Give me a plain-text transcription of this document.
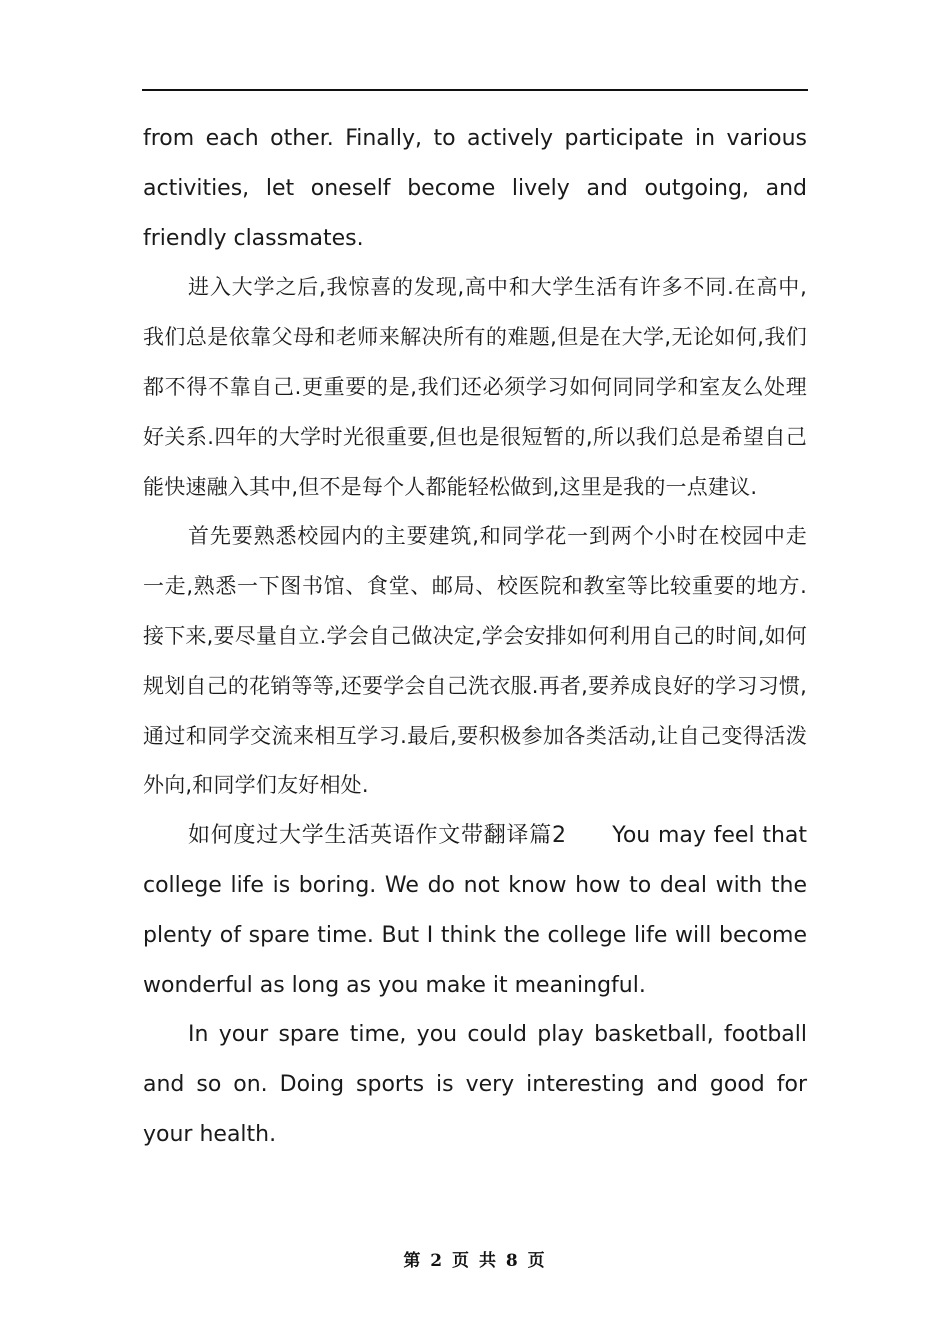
from each other. Finally, to actively participate in various activities, let oneself become lively and outgoing, and friendly classmates.

进入大学之后,我惊喜的发现,高中和大学生活有许多不同.在高中,我们总是依靠父母和老师来解决所有的难题,但是在大学,无论如何,我们都不得不靠自己.更重要的是,我们还必须学习如何同同学和室友么处理好关系.四年的大学时光很重要,但也是很短暂的,所以我们总是希望自己能快速融入其中,但不是每个人都能轻松做到,这里是我的一点建议.

首先要熟悉校园内的主要建筑,和同学花一到两个小时在校园中走一走,熟悉一下图书馆、食堂、邮局、校医院和教室等比较重要的地方.接下来,要尽量自立.学会自己做决定,学会安排如何利用自己的时间,如何规划自己的花销等等,还要学会自己洗衣服.再者,要养成良好的学习习惯,通过和同学交流来相互学习.最后,要积极参加各类活动,让自己变得活泼外向,和同学们友好相处.

如何度过大学生活英语作文带翻译篇2　　You may feel that college life is boring. We do not know how to deal with the plenty of spare time. But I think the college life will become wonderful as long as you make it meaningful.

In your spare time, you could play basketball, football and so on. Doing sports is very interesting and good for your health.

第 2 页 共 8 页
